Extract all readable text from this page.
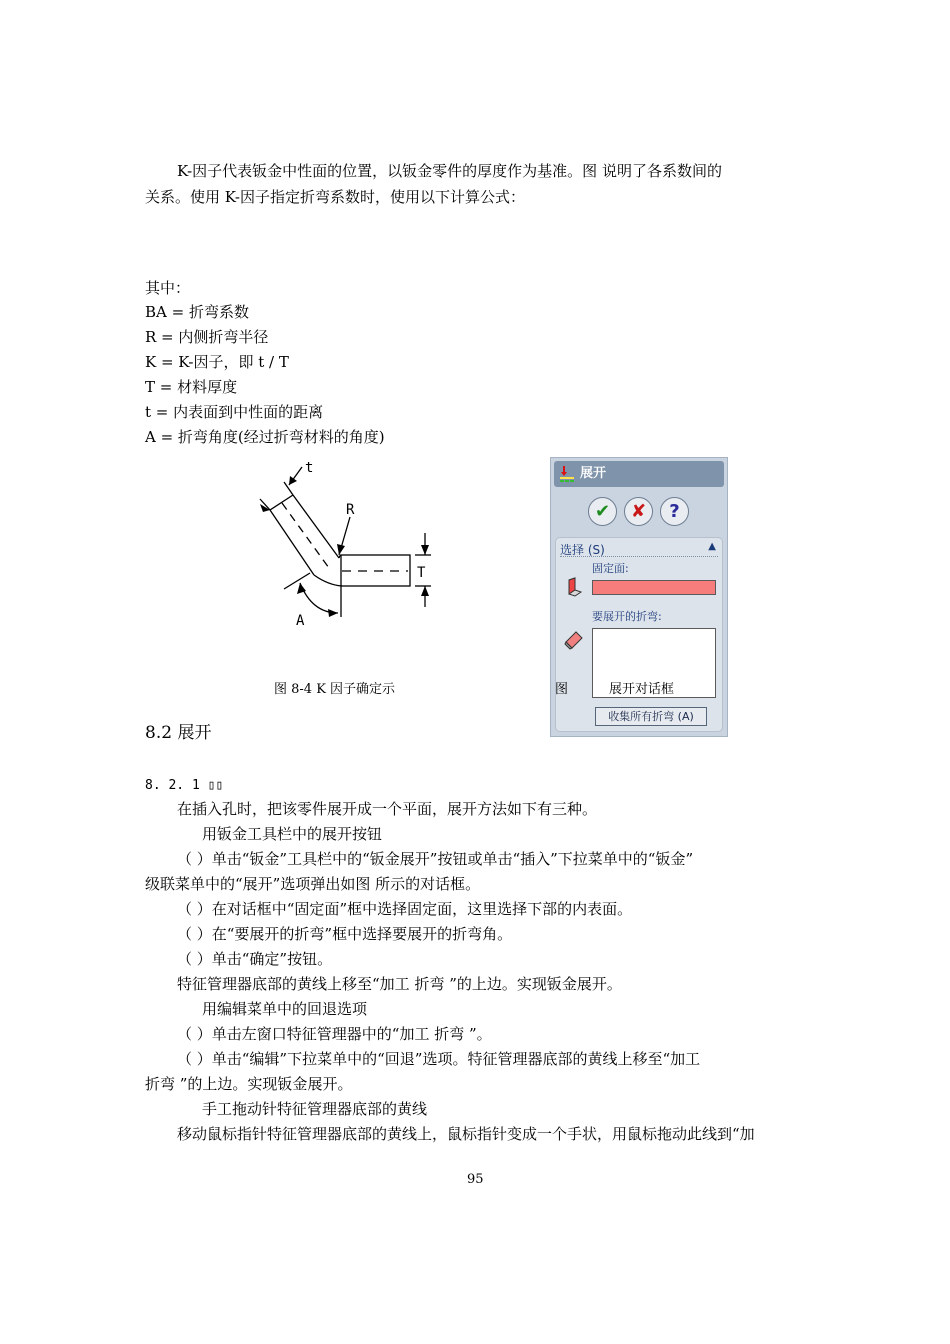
K-因子代表钣金中性面的位置，以钣金零件的厚度作为基准。图 说明了各系数间的
关系。使用 K-因子指定折弯系数时，使用以下计算公式：
其中：
BA = 折弯系数
R = 内侧折弯半径
K = K-因子，即 t / T
T = 材料厚度
t = 内表面到中性面的距离
A = 折弯角度(经过折弯材料的角度)
t
R
T
A
图 8-4 K 因子确定示
展开
✔	✘	?
选择 (S)	▲
固定面:
要展开的折弯:
收集所有折弯 (A)
图	展开对话框
8.2 展开
8. 2. 1 ▯▯
在插入孔时，把该零件展开成一个平面，展开方法如下有三种。
用钣金工具栏中的展开按钮
（ ）单击“钣金”工具栏中的“钣金展开”按钮或单击“插入”下拉菜单中的“钣金”
级联菜单中的“展开”选项弹出如图 所示的对话框。
（ ）在对话框中“固定面”框中选择固定面，这里选择下部的内表面。
（ ）在“要展开的折弯”框中选择要展开的折弯角。
（ ）单击“确定”按钮。
特征管理器底部的黄线上移至“加工 折弯 ”的上边。实现钣金展开。
用编辑菜单中的回退选项
（ ）单击左窗口特征管理器中的“加工 折弯 ”。
（ ）单击“编辑”下拉菜单中的“回退”选项。特征管理器底部的黄线上移至“加工
折弯 ”的上边。实现钣金展开。
手工拖动针特征管理器底部的黄线
移动鼠标指针特征管理器底部的黄线上，鼠标指针变成一个手状，用鼠标拖动此线到“加
95
